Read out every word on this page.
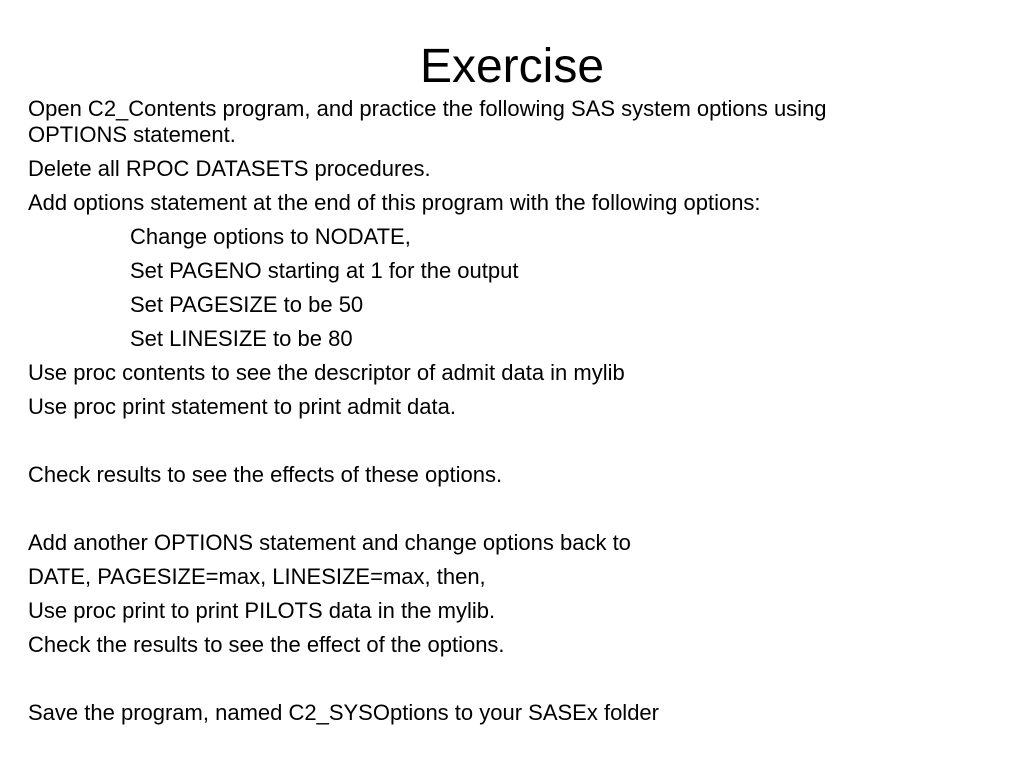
Exercise
Open C2_Contents program, and practice the following SAS system options using
OPTIONS statement.
Delete all RPOC DATASETS procedures.
Add options statement at the end of this program with the following options:
Change options to NODATE,
Set PAGENO starting at 1 for the output
Set PAGESIZE to be 50
Set LINESIZE to be 80
Use proc contents to see the descriptor of admit data in mylib
Use proc print statement to print admit data.
Check results to see the effects of these options.
Add another OPTIONS statement and change options back to
DATE, PAGESIZE=max, LINESIZE=max, then,
Use proc print to print PILOTS data in the mylib.
Check the results to see the effect of the options.
Save the program, named C2_SYSOptions to your SASEx folder
